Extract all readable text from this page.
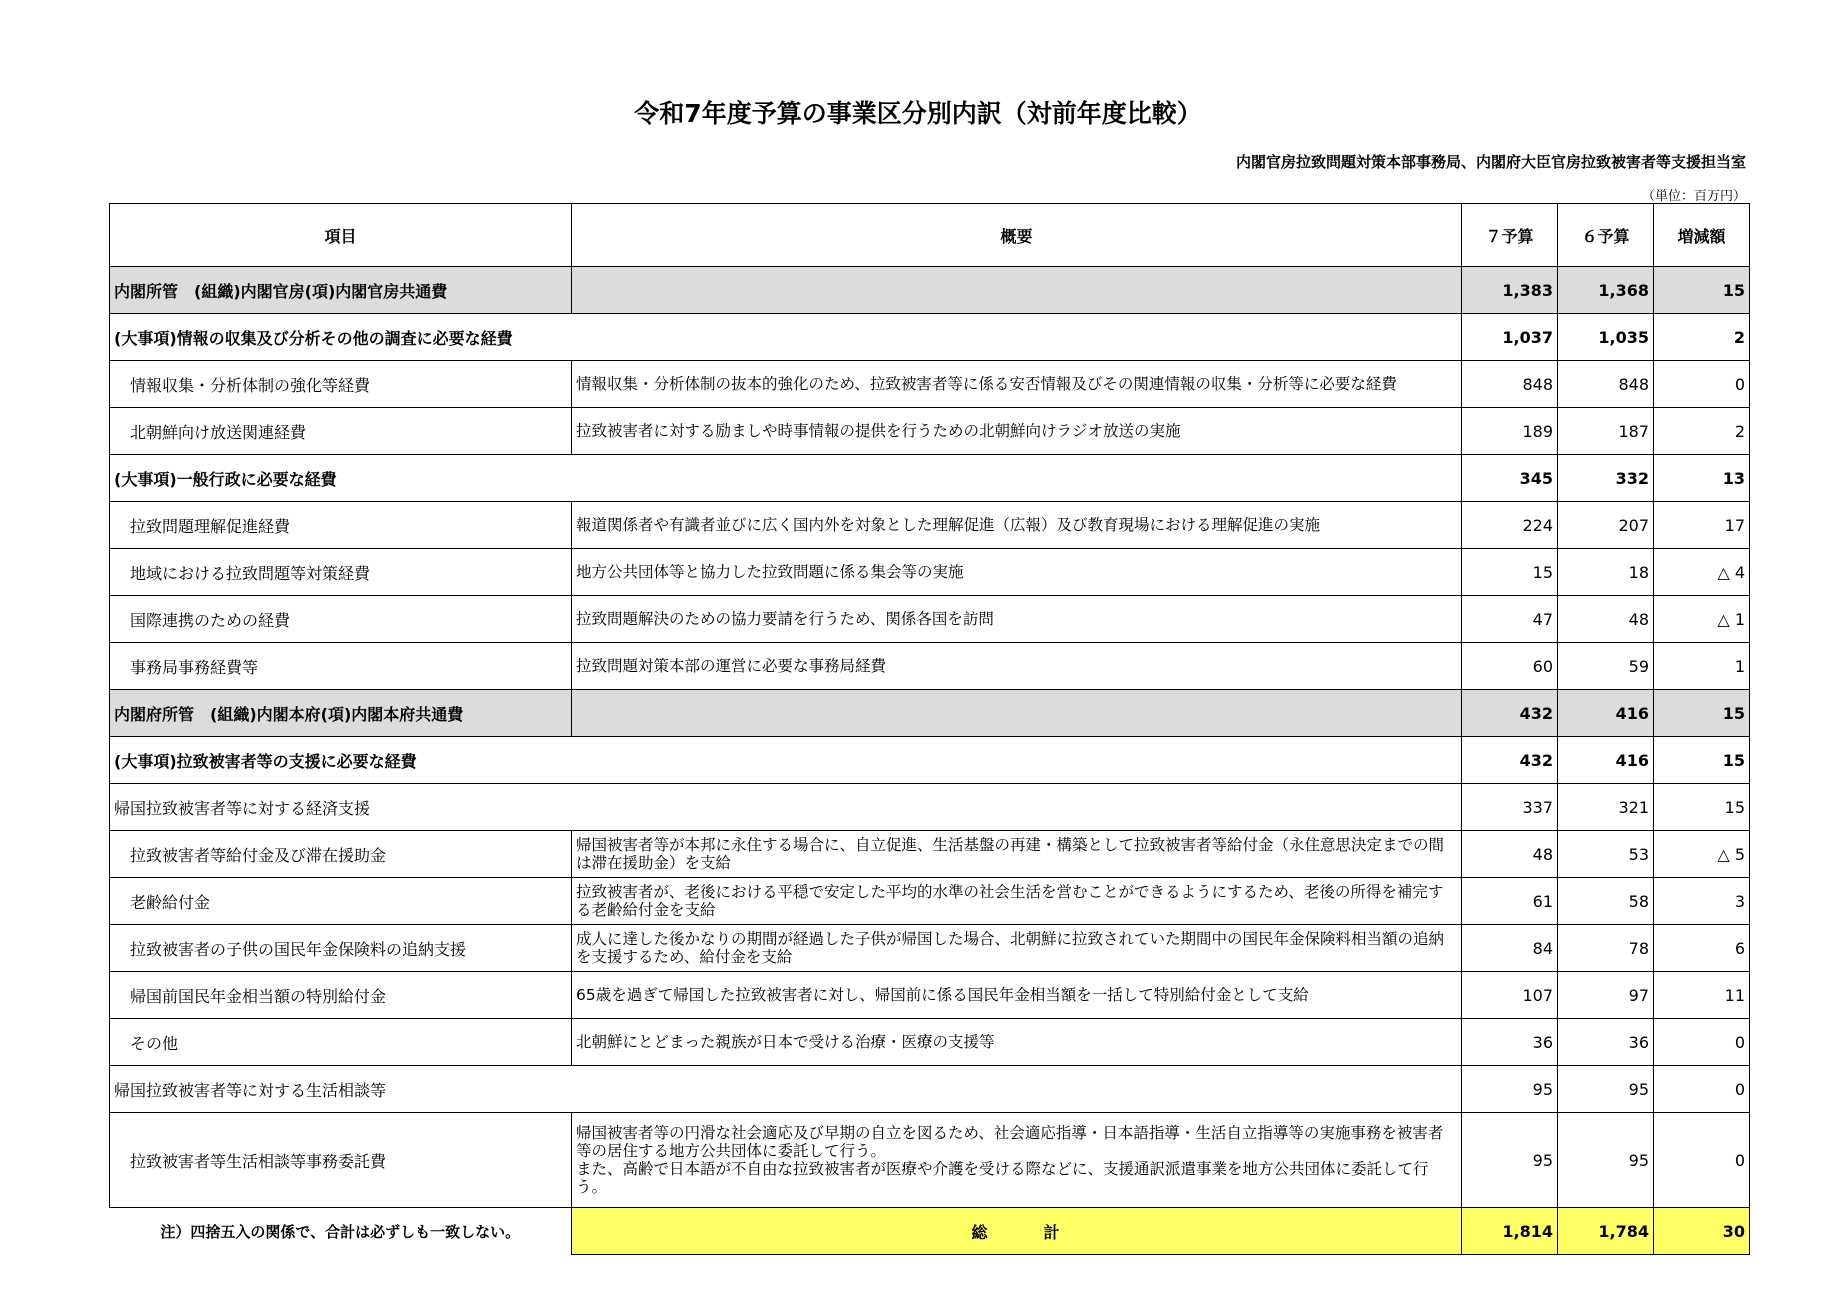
令和7年度予算の事業区分別内訳（対前年度比較）
内閣官房拉致問題対策本部事務局、内閣府大臣官房拉致被害者等支援担当室
（単位：百万円）
項目	概要	７予算	６予算	増減額
内閣所管　(組織)内閣官房(項)内閣官房共通費		1,383	1,368	15
(大事項)情報の収集及び分析その他の調査に必要な経費		1,037	1,035	2
情報収集・分析体制の強化等経費	情報収集・分析体制の抜本的強化のため、拉致被害者等に係る安否情報及びその関連情報の収集・分析等に必要な経費	848	848	0
北朝鮮向け放送関連経費	拉致被害者に対する励ましや時事情報の提供を行うための北朝鮮向けラジオ放送の実施	189	187	2
(大事項)一般行政に必要な経費		345	332	13
拉致問題理解促進経費	報道関係者や有識者並びに広く国内外を対象とした理解促進（広報）及び教育現場における理解促進の実施	224	207	17
地域における拉致問題等対策経費	地方公共団体等と協力した拉致問題に係る集会等の実施	15	18	△ 4
国際連携のための経費	拉致問題解決のための協力要請を行うため、関係各国を訪問	47	48	△ 1
事務局事務経費等	拉致問題対策本部の運営に必要な事務局経費	60	59	1
内閣府所管　(組織)内閣本府(項)内閣本府共通費		432	416	15
(大事項)拉致被害者等の支援に必要な経費		432	416	15
帰国拉致被害者等に対する経済支援		337	321	15
拉致被害者等給付金及び滞在援助金	帰国被害者等が本邦に永住する場合に、自立促進、生活基盤の再建・構築として拉致被害者等給付金（永住意思決定までの間は滞在援助金）を支給	48	53	△ 5
老齢給付金	拉致被害者が、老後における平穏で安定した平均的水準の社会生活を営むことができるようにするため、老後の所得を補完する老齢給付金を支給	61	58	3
拉致被害者の子供の国民年金保険料の追納支援	成人に達した後かなりの期間が経過した子供が帰国した場合、北朝鮮に拉致されていた期間中の国民年金保険料相当額の追納を支援するため、給付金を支給	84	78	6
帰国前国民年金相当額の特別給付金	65歳を過ぎて帰国した拉致被害者に対し、帰国前に係る国民年金相当額を一括して特別給付金として支給	107	97	11
その他	北朝鮮にとどまった親族が日本で受ける治療・医療の支援等	36	36	0
帰国拉致被害者等に対する生活相談等		95	95	0
拉致被害者等生活相談等事務委託費	帰国被害者等の円滑な社会適応及び早期の自立を図るため、社会適応指導・日本語指導・生活自立指導等の実施事務を被害者等の居住する地方公共団体に委託して行う。
また、高齢で日本語が不自由な拉致被害者が医療や介護を受ける際などに、支援通訳派遣事業を地方公共団体に委託して行う。	95	95	0
注）四捨五入の関係で、合計は必ずしも一致しない。	総　　　計	1,814	1,784	30
